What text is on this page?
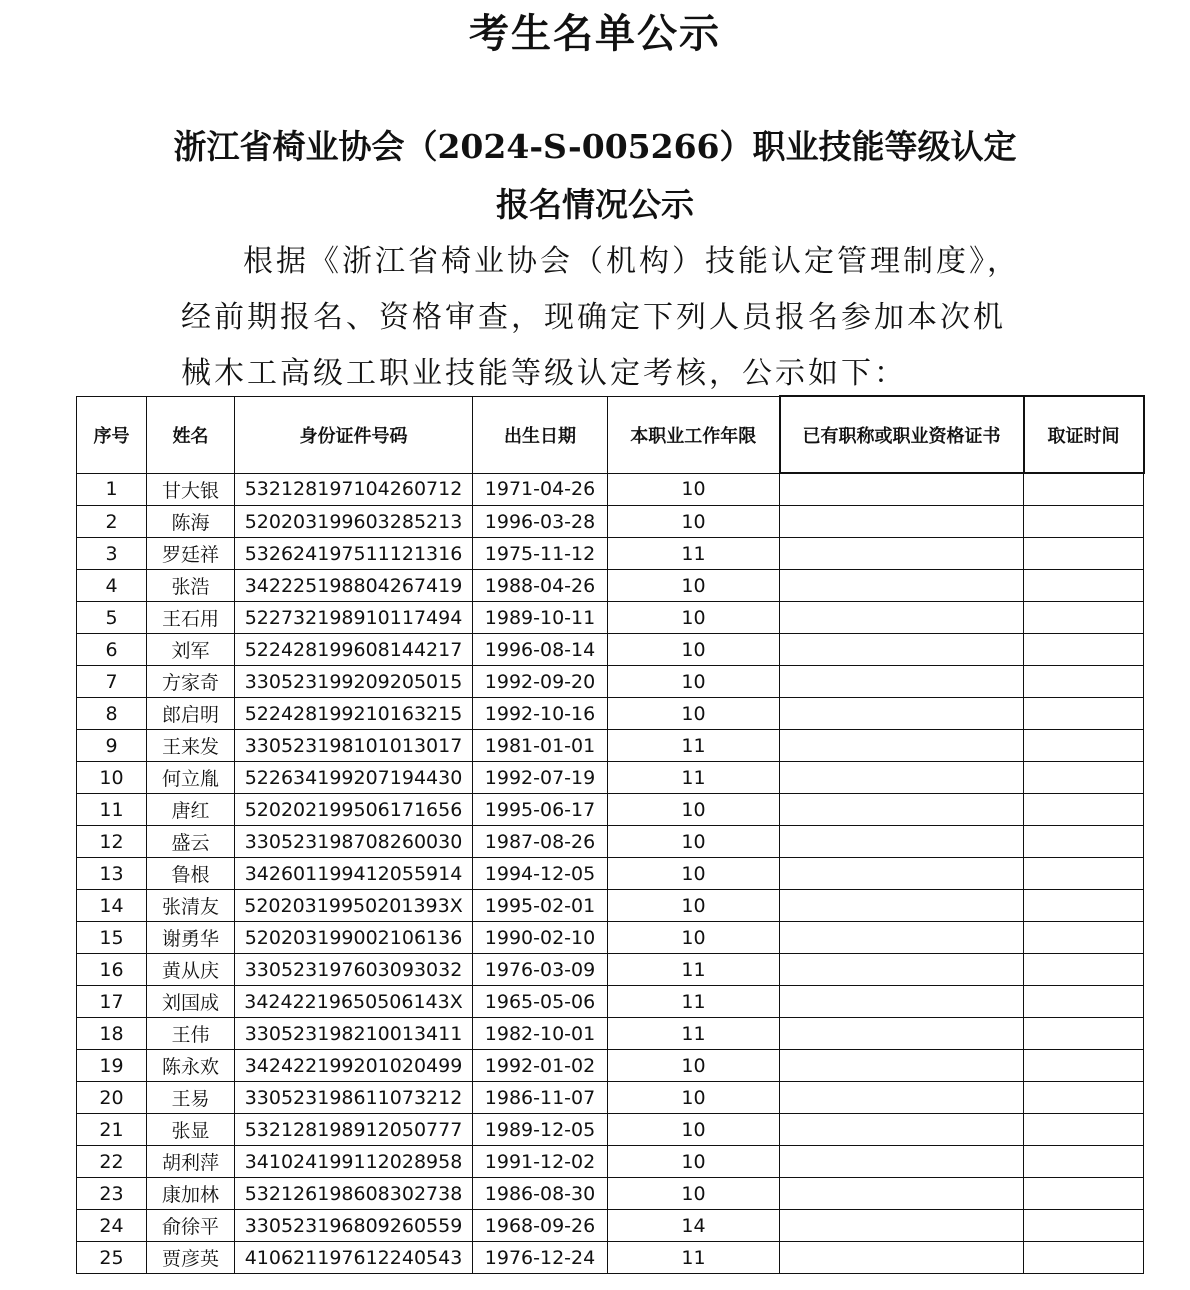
考生名单公示
浙江省椅业协会（2024-S-005266）职业技能等级认定
报名情况公示
根据《浙江省椅业协会（机构）技能认定管理制度》，经前期报名、资格审查，现确定下列人员报名参加本次机械木工高级工职业技能等级认定考核，公示如下：
序号	姓名	身份证件号码	出生日期	本职业工作年限	已有职称或职业资格证书	取证时间
1	甘大银	532128197104260712	1971-04-26	10		
2	陈海	520203199603285213	1996-03-28	10		
3	罗廷祥	532624197511121316	1975-11-12	11		
4	张浩	342225198804267419	1988-04-26	10		
5	王石用	522732198910117494	1989-10-11	10		
6	刘军	522428199608144217	1996-08-14	10		
7	方家奇	330523199209205015	1992-09-20	10		
8	郎启明	522428199210163215	1992-10-16	10		
9	王来发	330523198101013017	1981-01-01	11		
10	何立胤	522634199207194430	1992-07-19	11		
11	唐红	520202199506171656	1995-06-17	10		
12	盛云	330523198708260030	1987-08-26	10		
13	鲁根	342601199412055914	1994-12-05	10		
14	张清友	52020319950201393X	1995-02-01	10		
15	谢勇华	520203199002106136	1990-02-10	10		
16	黄从庆	330523197603093032	1976-03-09	11		
17	刘国成	34242219650506143X	1965-05-06	11		
18	王伟	330523198210013411	1982-10-01	11		
19	陈永欢	342422199201020499	1992-01-02	10		
20	王易	330523198611073212	1986-11-07	10		
21	张显	532128198912050777	1989-12-05	10		
22	胡利萍	341024199112028958	1991-12-02	10		
23	康加林	532126198608302738	1986-08-30	10		
24	俞徐平	330523196809260559	1968-09-26	14		
25	贾彦英	410621197612240543	1976-12-24	11		
